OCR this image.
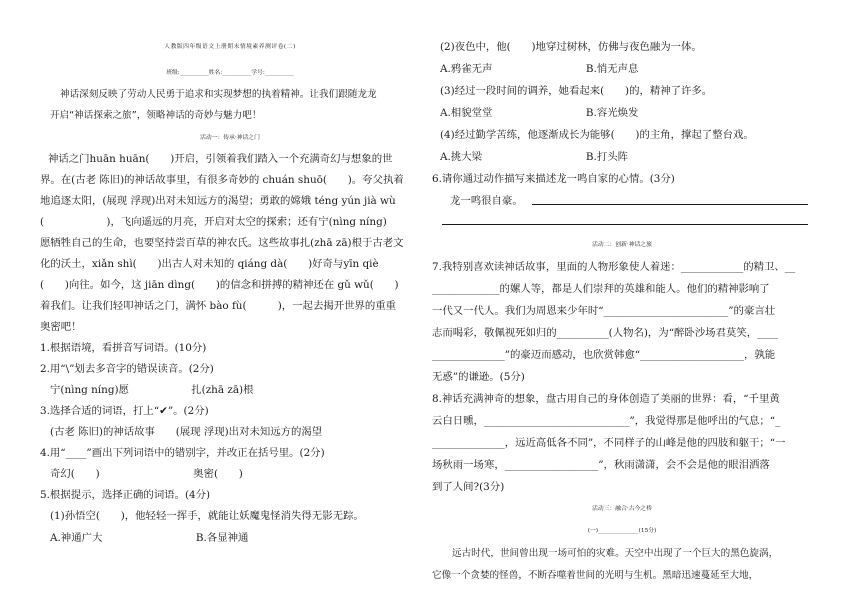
人教版四年级语文上册期末情境素养测评卷(二)
班级:__________姓名:__________学号:__________
神话深刻反映了劳动人民勇于追求和实现梦想的执着精神。让我们跟随龙龙
开启“神话探索之旅”，领略神话的奇妙与魅力吧！
活动一：传承·神话之门
神话之门huān huān(　　)开启，引领着我们踏入一个充满奇幻与想象的世
界。在(古老 陈旧)的神话故事里，有很多奇妙的 chuán shuō(　　)。夸父执着
地追逐太阳，(展现 浮现)出对未知远方的渴望；勇敢的嫦娥 téng yún jià wù
(　　　　　　)，飞向遥远的月亮，开启对太空的探索；还有宁(nìng níng)
愿牺牲自己的生命，也要坚持尝百草的神农氏。这些故事扎(zhā zā)根于古老文
化的沃土，xiǎn shì(　　)出古人对未知的 qiáng dà(　　)好奇与yīn qiè
(　　)向往。如今，这 jiān dìng(　　)的信念和拼搏的精神还在 gǔ wǔ(　　)
着我们。让我们轻叩神话之门，满怀 bào fù(　　　)，一起去揭开世界的重重
奥密吧！
1.根据语境，看拼音写词语。(10分)
2.用“\”划去多音字的错误读音。(2分)
宁(nìng níng)愿　　　　　　扎(zhā zā)根
3.选择合适的词语，打上“✔”。(2分)
(古老 陈旧)的神话故事　　(展现 浮现)出对未知远方的渴望
4.用“____”画出下列词语中的错别字，并改正在括号里。(2分)
奇幻(　　)　　　　　　　　　奥密(　　)
5.根据提示，选择正确的词语。(4分)
(1)孙悟空(　　)，他轻轻一挥手，就能让妖魔鬼怪消失得无影无踪。
A.神通广大　　　　　　　　　B.各显神通
(2)夜色中，他(　　)地穿过树林，仿佛与夜色融为一体。
A.鸦雀无声　　　　　　　　　B.悄无声息
(3)经过一段时间的调养，她看起来(　　)的，精神了许多。
A.相貌堂堂　　　　　　　　　B.容光焕发
(4)经过勤学苦练，他逐渐成长为能够(　　)的主角，撑起了整台戏。
A.挑大梁　　　　　　　　　　B.打头阵
6.请你通过动作描写来描述龙一鸣自家的心情。(3分)
龙一鸣很自豪。
活动二：创新·神话之旅
7.我特别喜欢读神话故事，里面的人物形象使人着迷：____________的精卫、__
_____________的嫘人等，都是人们崇拜的英雄和能人。他们的精神影响了
一代又一代人。我们为周恩来少年时“________________________”的豪言壮
志而喝彩，敬佩视死如归的__________(人物名)，为“醉卧沙场君莫笑，____
______________”的豪迈而感动，也欣赏韩愈“____________________，孰能
无惑”的谦逊。(5分)
8.神话充满神奇的想象，盘古用自己的身体创造了美丽的世界：看，“千里黄
云白日曛，____________________________”，我觉得那是他呼出的气息；“_
______________，远近高低各不同”，不同样子的山峰是他的四肢和躯干；“一
场秋雨一场寒，__________________”，秋雨潇潇，会不会是他的眼泪洒落
到了人间?(3分)
活动三：融合·古今之桥
(一)______________(15分)
远古时代，世间曾出现一场可怕的灾难。天空中出现了一个巨大的黑色旋涡，
它像一个贪婪的怪兽，不断吞噬着世间的光明与生机。黑暗迅速蔓延至大地，
